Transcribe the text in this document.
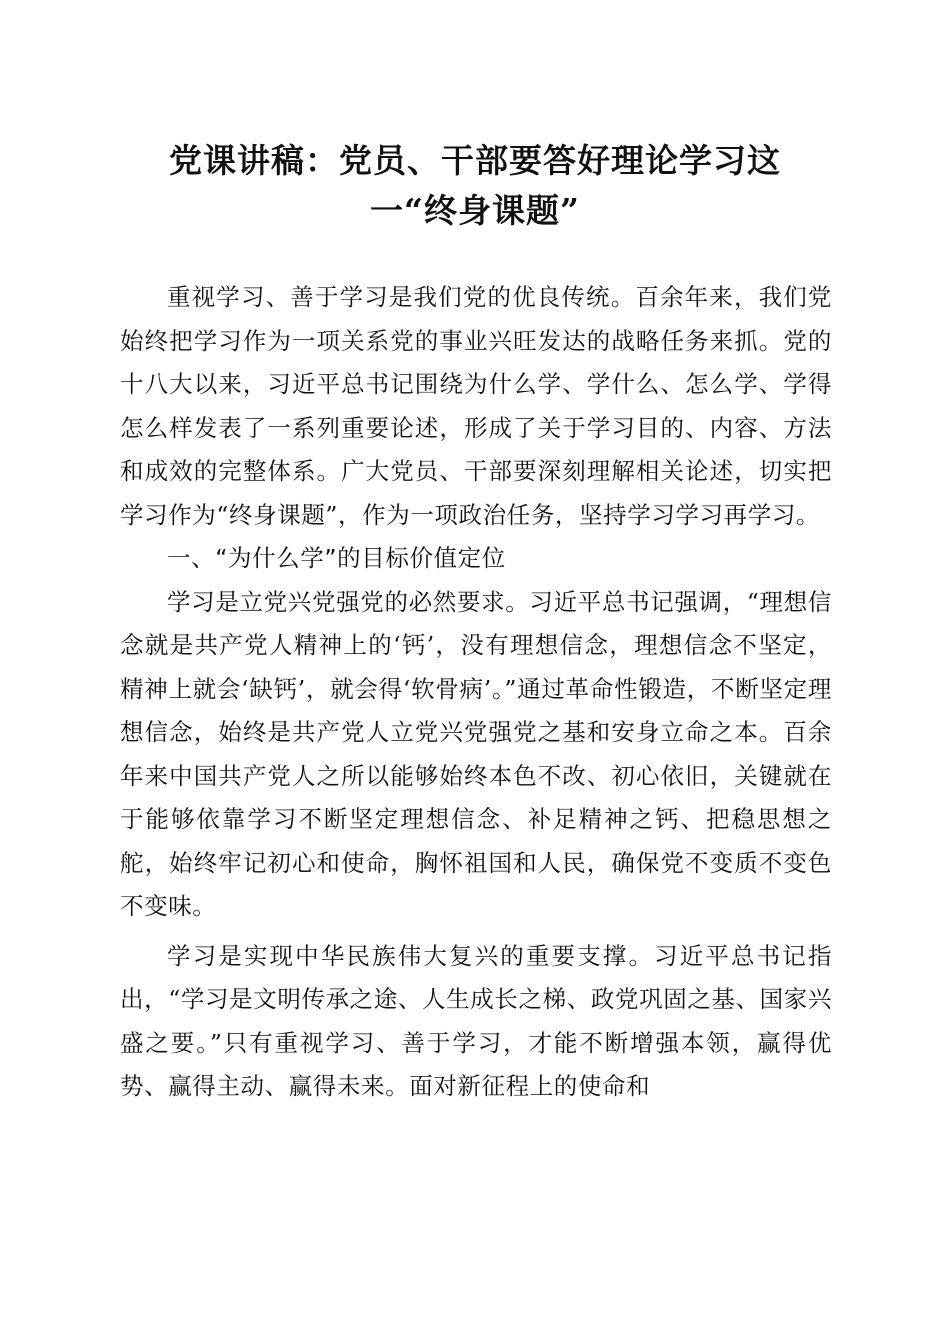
党课讲稿：党员、干部要答好理论学习这
一“终身课题”

重视学习、善于学习是我们党的优良传统。百余年来，我们党始终把学习作为一项关系党的事业兴旺发达的战略任务来抓。党的十八大以来，习近平总书记围绕为什么学、学什么、怎么学、学得怎么样发表了一系列重要论述，形成了关于学习目的、内容、方法和成效的完整体系。广大党员、干部要深刻理解相关论述，切实把学习作为“终身课题”，作为一项政治任务，坚持学习学习再学习。

一、“为什么学”的目标价值定位

学习是立党兴党强党的必然要求。习近平总书记强调，“理想信念就是共产党人精神上的‘钙’，没有理想信念，理想信念不坚定，精神上就会‘缺钙’，就会得‘软骨病’。”通过革命性锻造，不断坚定理想信念，始终是共产党人立党兴党强党之基和安身立命之本。百余年来中国共产党人之所以能够始终本色不改、初心依旧，关键就在于能够依靠学习不断坚定理想信念、补足精神之钙、把稳思想之舵，始终牢记初心和使命，胸怀祖国和人民，确保党不变质不变色不变味。

学习是实现中华民族伟大复兴的重要支撑。习近平总书记指出，“学习是文明传承之途、人生成长之梯、政党巩固之基、国家兴盛之要。”只有重视学习、善于学习，才能不断增强本领，赢得优势、赢得主动、赢得未来。面对新征程上的使命和
